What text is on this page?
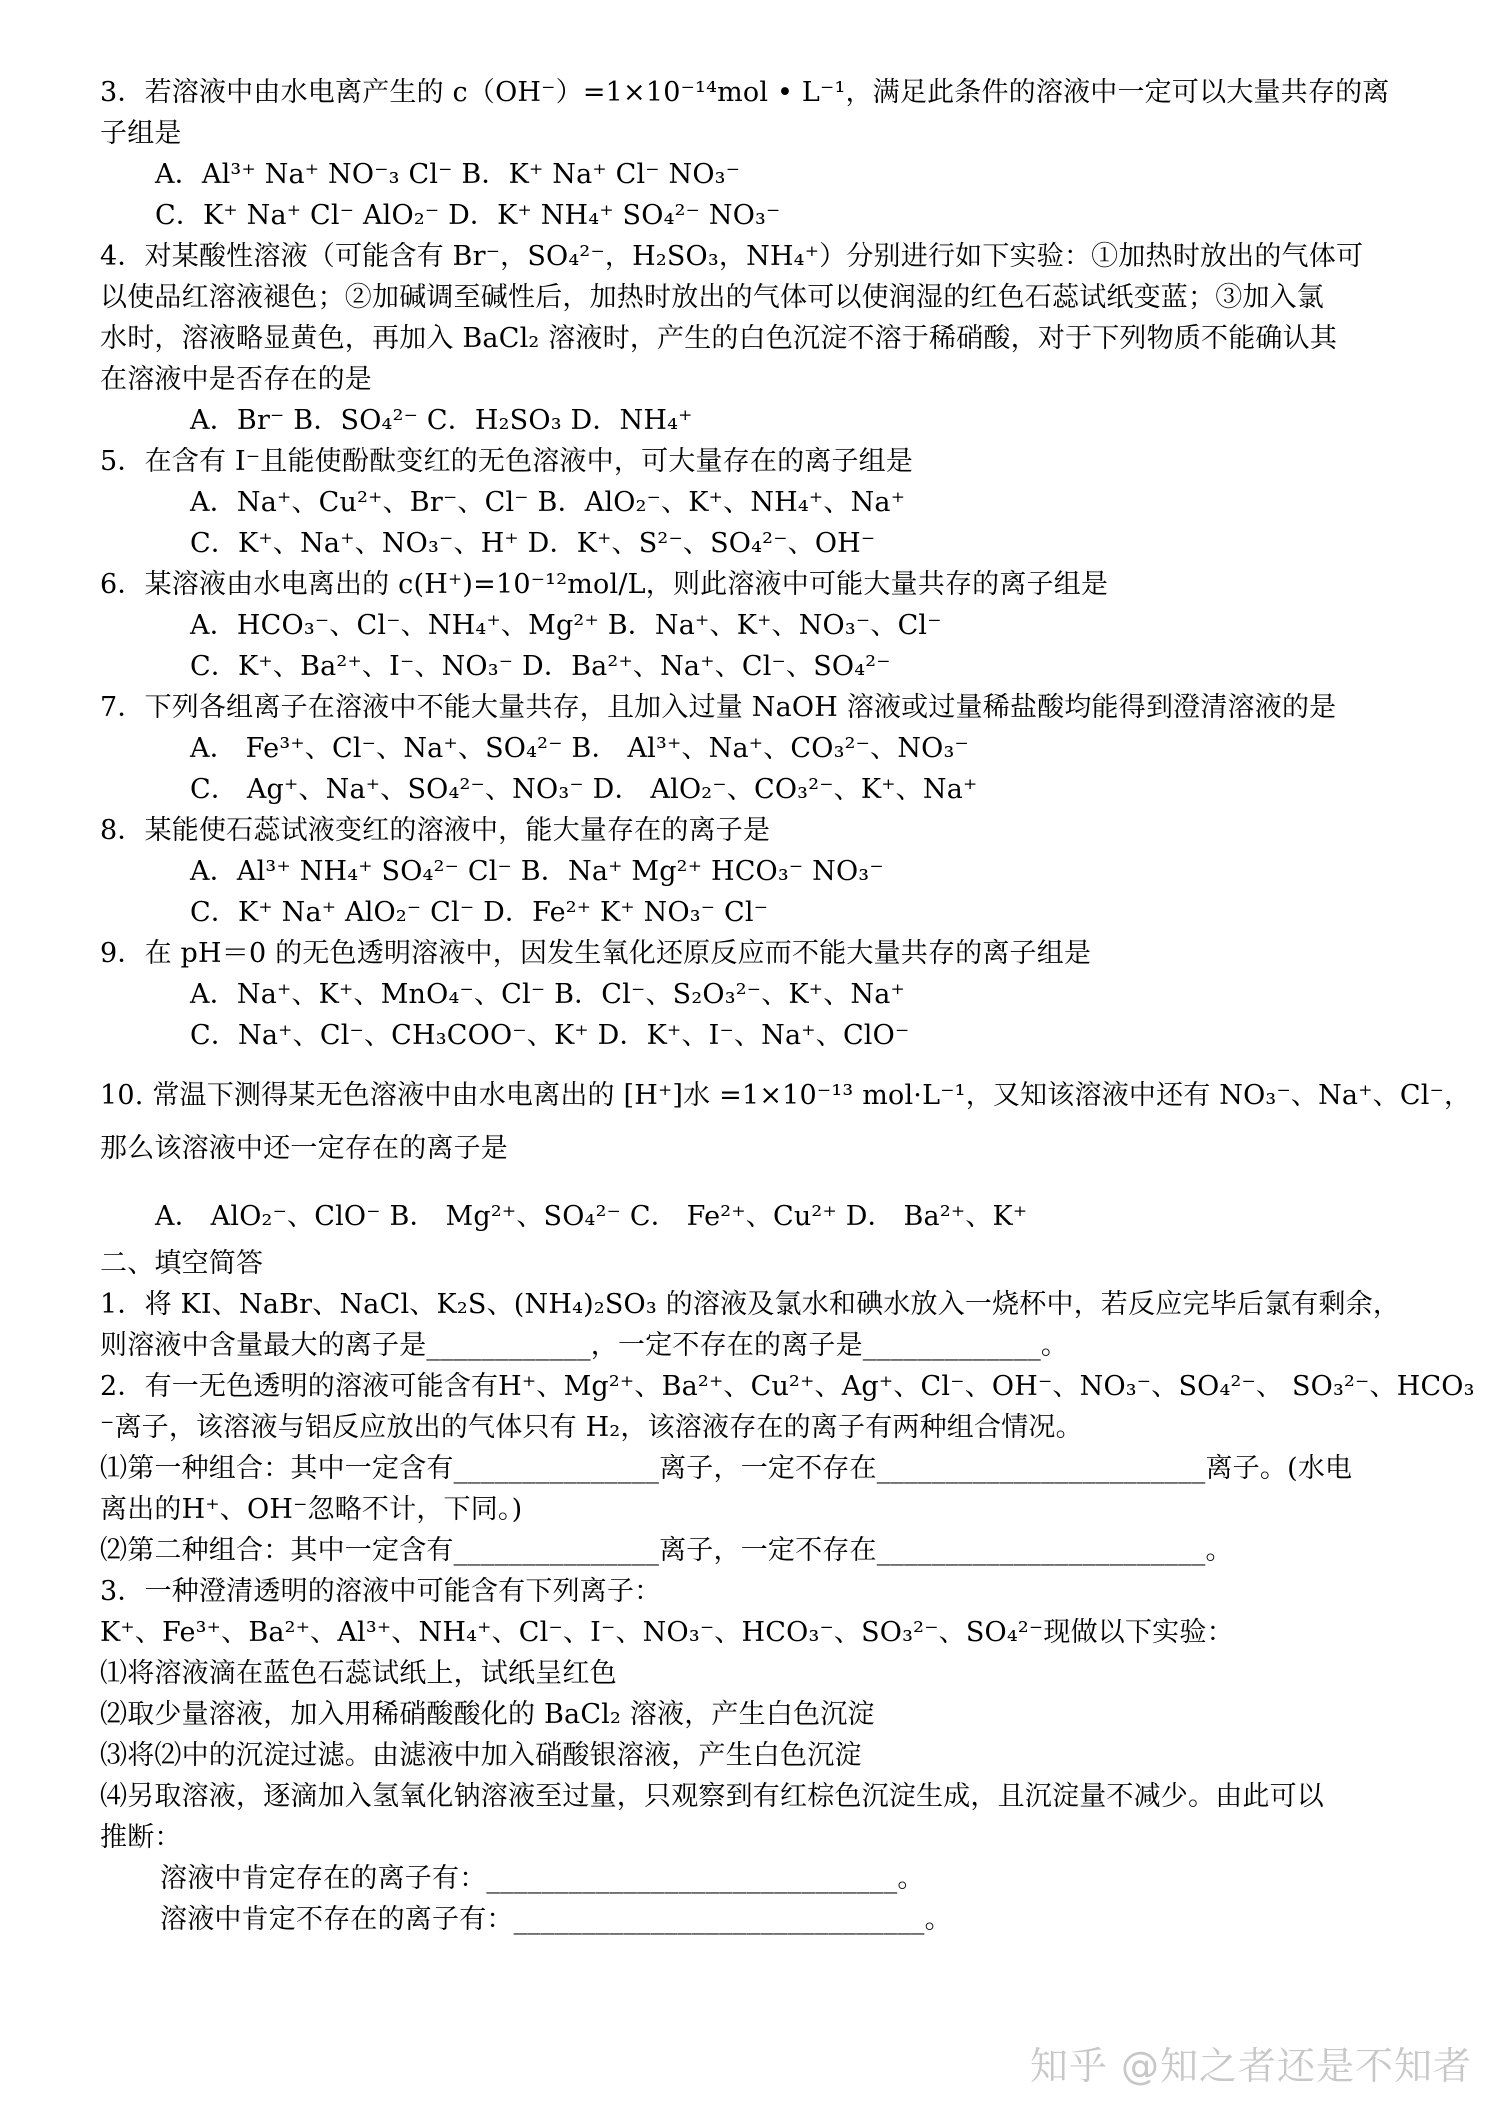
3．若溶液中由水电离产生的 c（OH⁻）=1×10⁻¹⁴mol • L⁻¹，满足此条件的溶液中一定可以大量共存的离
子组是
A．Al³⁺ Na⁺ NO⁻₃ Cl⁻ B．K⁺ Na⁺ Cl⁻ NO₃⁻
C．K⁺ Na⁺ Cl⁻ AlO₂⁻ D．K⁺ NH₄⁺ SO₄²⁻ NO₃⁻
4．对某酸性溶液（可能含有 Br⁻，SO₄²⁻，H₂SO₃，NH₄⁺）分别进行如下实验：①加热时放出的气体可
以使品红溶液褪色；②加碱调至碱性后，加热时放出的气体可以使润湿的红色石蕊试纸变蓝；③加入氯
水时，溶液略显黄色，再加入 BaCl₂ 溶液时，产生的白色沉淀不溶于稀硝酸，对于下列物质不能确认其
在溶液中是否存在的是
A．Br⁻ B．SO₄²⁻ C．H₂SO₃ D．NH₄⁺
5．在含有 I⁻且能使酚酞变红的无色溶液中，可大量存在的离子组是
A．Na⁺、Cu²⁺、Br⁻、Cl⁻ B．AlO₂⁻、K⁺、NH₄⁺、Na⁺
C．K⁺、Na⁺、NO₃⁻、H⁺ D．K⁺、S²⁻、SO₄²⁻、OH⁻
6．某溶液由水电离出的 c(H⁺)=10⁻¹²mol/L，则此溶液中可能大量共存的离子组是
A．HCO₃⁻、Cl⁻、NH₄⁺、Mg²⁺ B．Na⁺、K⁺、NO₃⁻、Cl⁻
C．K⁺、Ba²⁺、I⁻、NO₃⁻ D．Ba²⁺、Na⁺、Cl⁻、SO₄²⁻
7．下列各组离子在溶液中不能大量共存，且加入过量 NaOH 溶液或过量稀盐酸均能得到澄清溶液的是
A． Fe³⁺、Cl⁻、Na⁺、SO₄²⁻ B． Al³⁺、Na⁺、CO₃²⁻、NO₃⁻
C． Ag⁺、Na⁺、SO₄²⁻、NO₃⁻ D． AlO₂⁻、CO₃²⁻、K⁺、Na⁺
8．某能使石蕊试液变红的溶液中，能大量存在的离子是
A．Al³⁺ NH₄⁺ SO₄²⁻ Cl⁻ B．Na⁺ Mg²⁺ HCO₃⁻ NO₃⁻
C．K⁺ Na⁺ AlO₂⁻ Cl⁻ D．Fe²⁺ K⁺ NO₃⁻ Cl⁻
9．在 pH＝0 的无色透明溶液中，因发生氧化还原反应而不能大量共存的离子组是
A．Na⁺、K⁺、MnO₄⁻、Cl⁻ B．Cl⁻、S₂O₃²⁻、K⁺、Na⁺
C．Na⁺、Cl⁻、CH₃COO⁻、K⁺ D．K⁺、I⁻、Na⁺、ClO⁻
10. 常温下测得某无色溶液中由水电离出的 [H⁺]水 =1×10⁻¹³ mol·L⁻¹，又知该溶液中还有 NO₃⁻、Na⁺、Cl⁻，
那么该溶液中还一定存在的离子是
A． AlO₂⁻、ClO⁻ B． Mg²⁺、SO₄²⁻ C． Fe²⁺、Cu²⁺ D． Ba²⁺、K⁺
二、填空简答
1．将 KI、NaBr、NaCl、K₂S、(NH₄)₂SO₃ 的溶液及氯水和碘水放入一烧杯中，若反应完毕后氯有剩余，
则溶液中含量最大的离子是____________，一定不存在的离子是_____________。
2．有一无色透明的溶液可能含有H⁺、Mg²⁺、Ba²⁺、Cu²⁺、Ag⁺、Cl⁻、OH⁻、NO₃⁻、SO₄²⁻、 SO₃²⁻、HCO₃
⁻离子，该溶液与铝反应放出的气体只有 H₂，该溶液存在的离子有两种组合情况。
⑴第一种组合：其中一定含有_______________离子，一定不存在________________________离子。(水电
离出的H⁺、OH⁻忽略不计，下同。)
⑵第二种组合：其中一定含有_______________离子，一定不存在________________________。
3．一种澄清透明的溶液中可能含有下列离子：
K⁺、Fe³⁺、Ba²⁺、Al³⁺、NH₄⁺、Cl⁻、I⁻、NO₃⁻、HCO₃⁻、SO₃²⁻、SO₄²⁻现做以下实验：
⑴将溶液滴在蓝色石蕊试纸上，试纸呈红色
⑵取少量溶液，加入用稀硝酸酸化的 BaCl₂ 溶液，产生白色沉淀
⑶将⑵中的沉淀过滤。由滤液中加入硝酸银溶液，产生白色沉淀
⑷另取溶液，逐滴加入氢氧化钠溶液至过量，只观察到有红棕色沉淀生成，且沉淀量不减少。由此可以
推断：
溶液中肯定存在的离子有：______________________________。
溶液中肯定不存在的离子有：______________________________。
知乎 @知之者还是不知者
